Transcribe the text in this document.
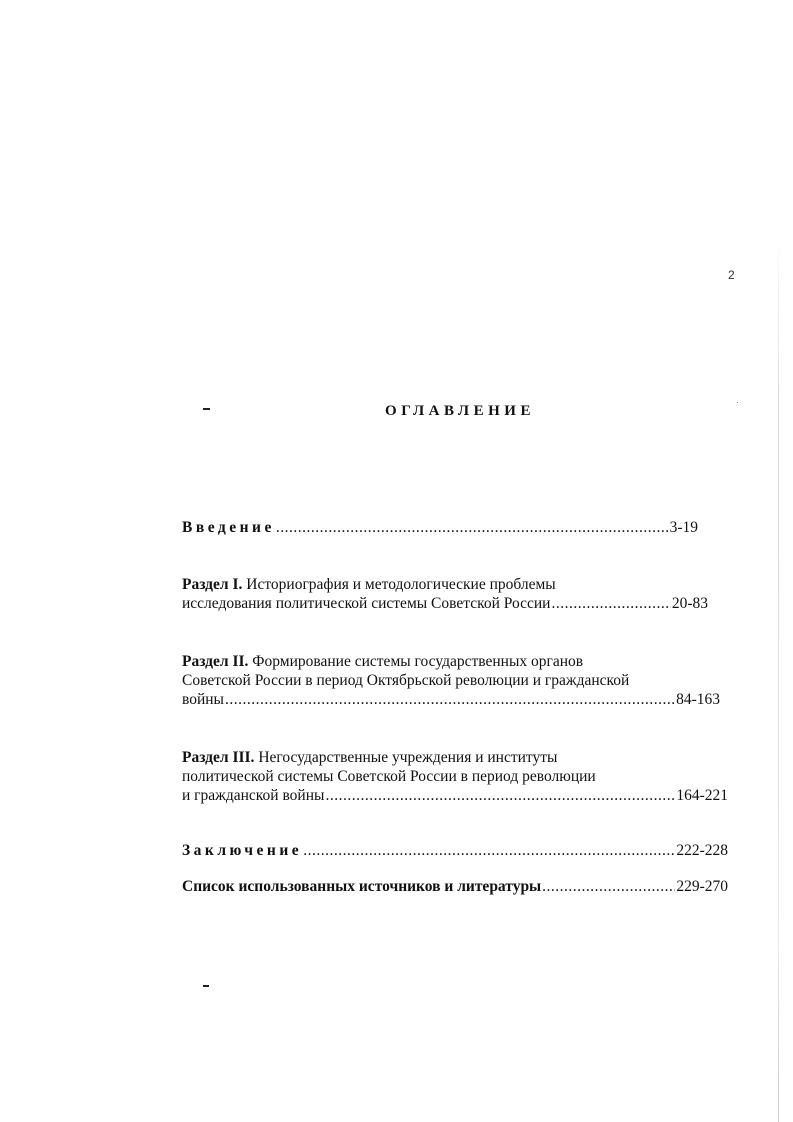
2
ОГЛАВЛЕНИЕ
Введение .....	3-19
Раздел I.
Историография и методологические проблемы
исследования политической системы Советской России .....	20-83
Раздел II.
Формирование системы государственных органов
Советской России в период Октябрьской революции и гражданской
войны .....	84-163
Раздел III.
Негосударственные учреждения и институты
политической системы Советской России в период революции
и гражданской войны .....	164-221
Заключение .....	222-228
Список использованных источников и литературы .....	229-270
